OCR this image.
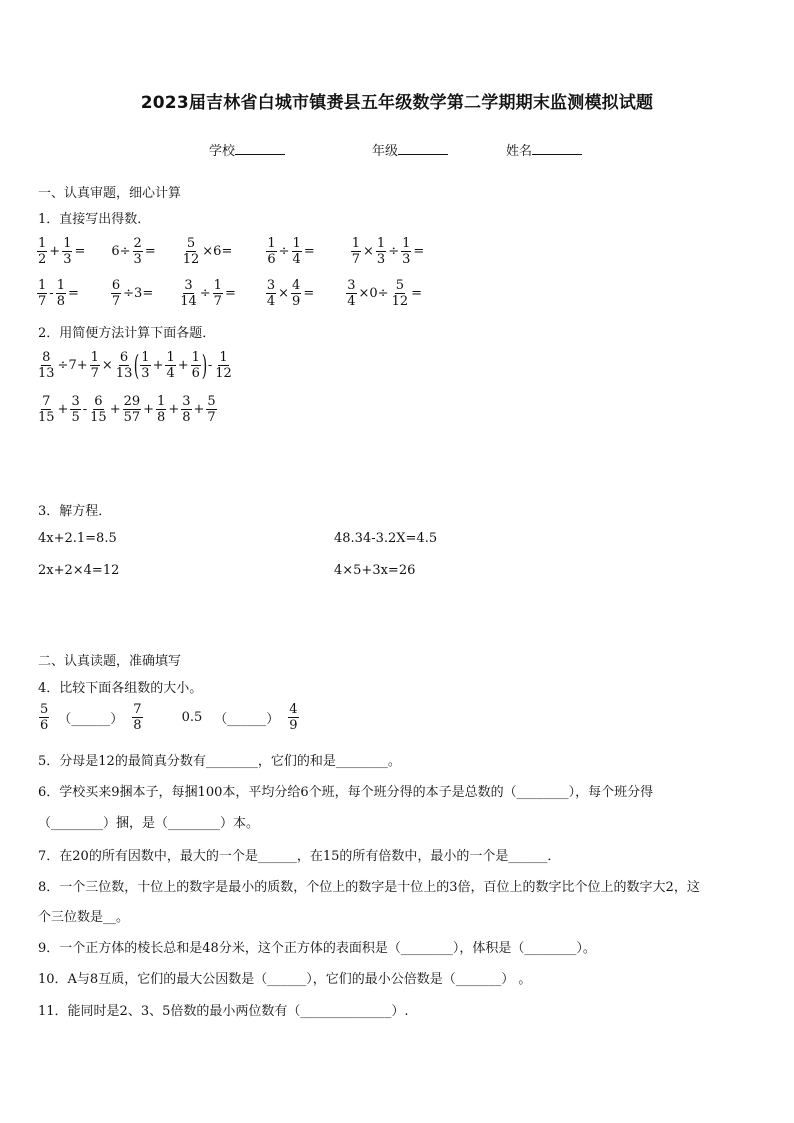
2023届吉林省白城市镇赉县五年级数学第二学期期末监测模拟试题
学校	年级	姓名
一、认真审题，细心计算
1．直接写出得数．
$\frac{1}{2} + \frac{1}{3} = 6\div \frac{2}{3} = \frac{5}{12} \times 6=$	$\frac{1}{6} \div \frac{1}{4}$ =	$\frac{1}{7} \times \frac{1}{3} \div \frac{1}{3}$ =
$\frac{1}{7} - \frac{1}{8} = \frac{6}{7} \div 3= \frac{3}{14} \div \frac{1}{7} = \frac{3}{4} \times \frac{4}{9} = \frac{3}{4} \times 0\div \frac{5}{12}$ =
2．用简便方法计算下面各题．
$\frac{8}{13} \div 7+ \frac{1}{7} \times \frac{6}{13}$ ( $\frac{1}{3} + \frac{1}{4} + \frac{1}{6}$ ) - $\frac{1}{12}$
$\frac{7}{15} + \frac{3}{5} - \frac{6}{15} + \frac{29}{57} + \frac{1}{8} + \frac{3}{8} + \frac{5}{7}$
3．解方程．
4x+2.1=8.5	48.34-3.2X=4.5
2x+2×4=12	4×5+3x=26
二、认真读题，准确填写
4．比较下面各组数的大小。
$\frac{5}{6}$ （______） $\frac{7}{8}$	0.5 （______） $\frac{4}{9}$
5．分母是12的最简真分数有________，它们的和是________。
6．学校买来9捆本子，每捆100本，平均分给6个班，每个班分得的本子是总数的（________），每个班分得
（________）捆，是（________）本。
7．在20的所有因数中，最大的一个是______，在15的所有倍数中，最小的一个是______．
8．一个三位数，十位上的数字是最小的质数，个位上的数字是十位上的3倍，百位上的数字比个位上的数字大2，这
个三位数是__。
9．一个正方体的棱长总和是48分米，这个正方体的表面积是（________），体积是（________）。
10．A与8互质，它们的最大公因数是（______），它们的最小公倍数是（_______） 。
11．能同时是2、3、5倍数的最小两位数有（______________）.
